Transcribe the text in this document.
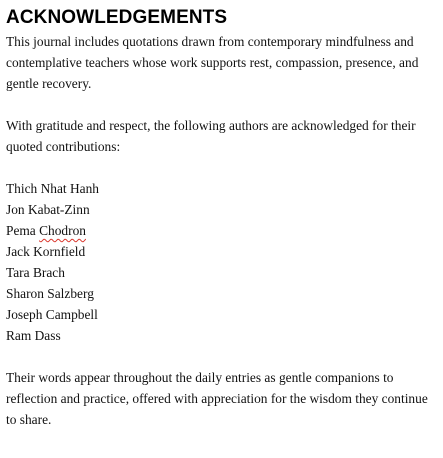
ACKNOWLEDGEMENTS

This journal includes quotations drawn from contemporary mindfulness and contemplative teachers whose work supports rest, compassion, presence, and gentle recovery.

With gratitude and respect, the following authors are acknowledged for their quoted contributions:

Thich Nhat Hanh
Jon Kabat-Zinn
Pema Chodron
Jack Kornfield
Tara Brach
Sharon Salzberg
Joseph Campbell
Ram Dass

Their words appear throughout the daily entries as gentle companions to reflection and practice, offered with appreciation for the wisdom they continue to share.
